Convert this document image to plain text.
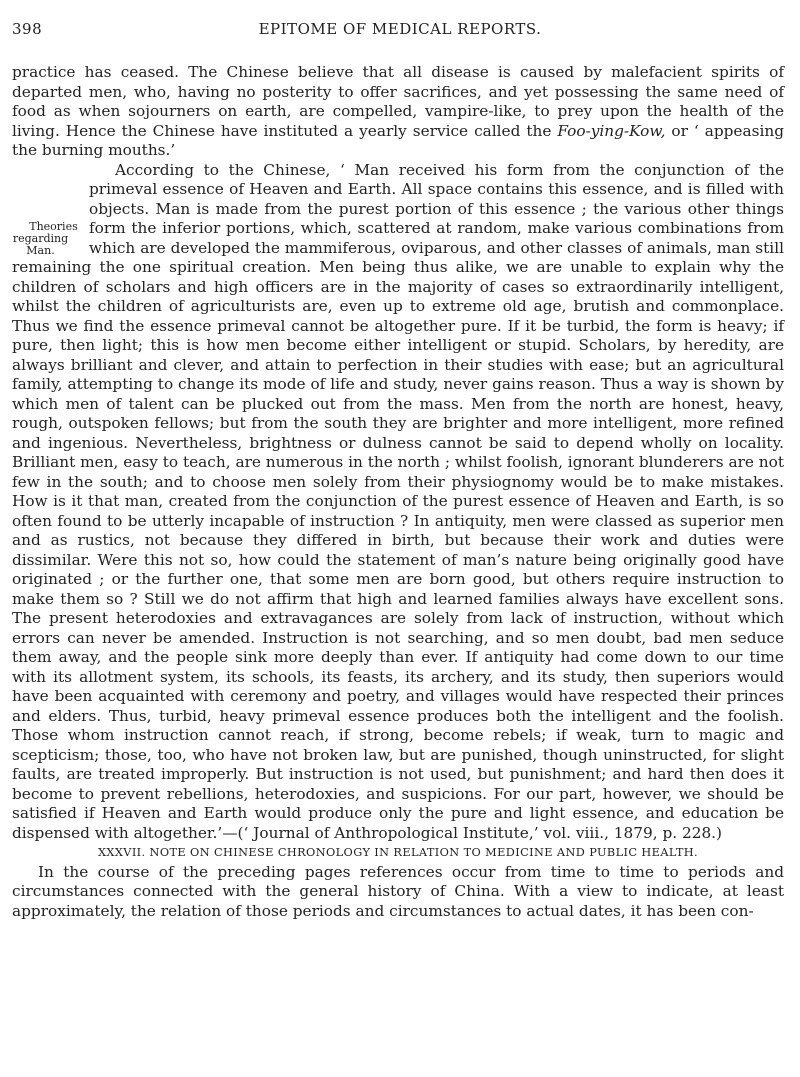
398	EPITOME OF MEDICAL REPORTS.

practice has ceased. The Chinese believe that all disease is caused by malefacient spirits of departed men, who, having no posterity to offer sacrifices, and yet possessing the same need of food as when sojourners on earth, are compelled, vampire-like, to prey upon the health of the living. Hence the Chinese have instituted a yearly service called the Foo-ying-Kow, or ‘ appeasing the burning mouths.’

Theories regarding Man.
According to the Chinese, ‘ Man received his form from the conjunction of the primeval essence of Heaven and Earth. All space contains this essence, and is filled with objects. Man is made from the purest portion of this essence ; the various other things form the inferior portions, which, scattered at random, make various combinations from which are developed the mammiferous, oviparous, and other classes of animals, man still remaining the one spiritual creation. Men being thus alike, we are unable to explain why the children of scholars and high officers are in the majority of cases so extraordinarily intelligent, whilst the children of agriculturists are, even up to extreme old age, brutish and commonplace. Thus we find the essence primeval cannot be altogether pure. If it be turbid, the form is heavy; if pure, then light; this is how men become either intelligent or stupid. Scholars, by heredity, are always brilliant and clever, and attain to perfection in their studies with ease; but an agricultural family, attempting to change its mode of life and study, never gains reason. Thus a way is shown by which men of talent can be plucked out from the mass. Men from the north are honest, heavy, rough, outspoken fellows; but from the south they are brighter and more intelligent, more refined and ingenious. Nevertheless, brightness or dulness cannot be said to depend wholly on locality. Brilliant men, easy to teach, are numerous in the north ; whilst foolish, ignorant blunderers are not few in the south; and to choose men solely from their physiognomy would be to make mistakes. How is it that man, created from the conjunction of the purest essence of Heaven and Earth, is so often found to be utterly incapable of instruction ? In antiquity, men were classed as superior men and as rustics, not because they differed in birth, but because their work and duties were dissimilar. Were this not so, how could the statement of man’s nature being originally good have originated ; or the further one, that some men are born good, but others require instruction to make them so ? Still we do not affirm that high and learned families always have excellent sons. The present heterodoxies and extravagances are solely from lack of instruction, without which errors can never be amended. Instruction is not searching, and so men doubt, bad men seduce them away, and the people sink more deeply than ever. If antiquity had come down to our time with its allotment system, its schools, its feasts, its archery, and its study, then superiors would have been acquainted with ceremony and poetry, and villages would have respected their princes and elders. Thus, turbid, heavy primeval essence produces both the intelligent and the foolish. Those whom instruction cannot reach, if strong, become rebels; if weak, turn to magic and scepticism; those, too, who have not broken law, but are punished, though uninstructed, for slight faults, are treated improperly. But instruction is not used, but punishment; and hard then does it become to prevent rebellions, heterodoxies, and suspicions. For our part, however, we should be satisfied if Heaven and Earth would produce only the pure and light essence, and education be dispensed with altogether.’—(‘ Journal of Anthropological Institute,’ vol. viii., 1879, p. 228.)

XXXVII. NOTE ON CHINESE CHRONOLOGY IN RELATION TO MEDICINE AND PUBLIC HEALTH.

In the course of the preceding pages references occur from time to time to periods and circumstances connected with the general history of China. With a view to indicate, at least approximately, the relation of those periods and circumstances to actual dates, it has been con-
